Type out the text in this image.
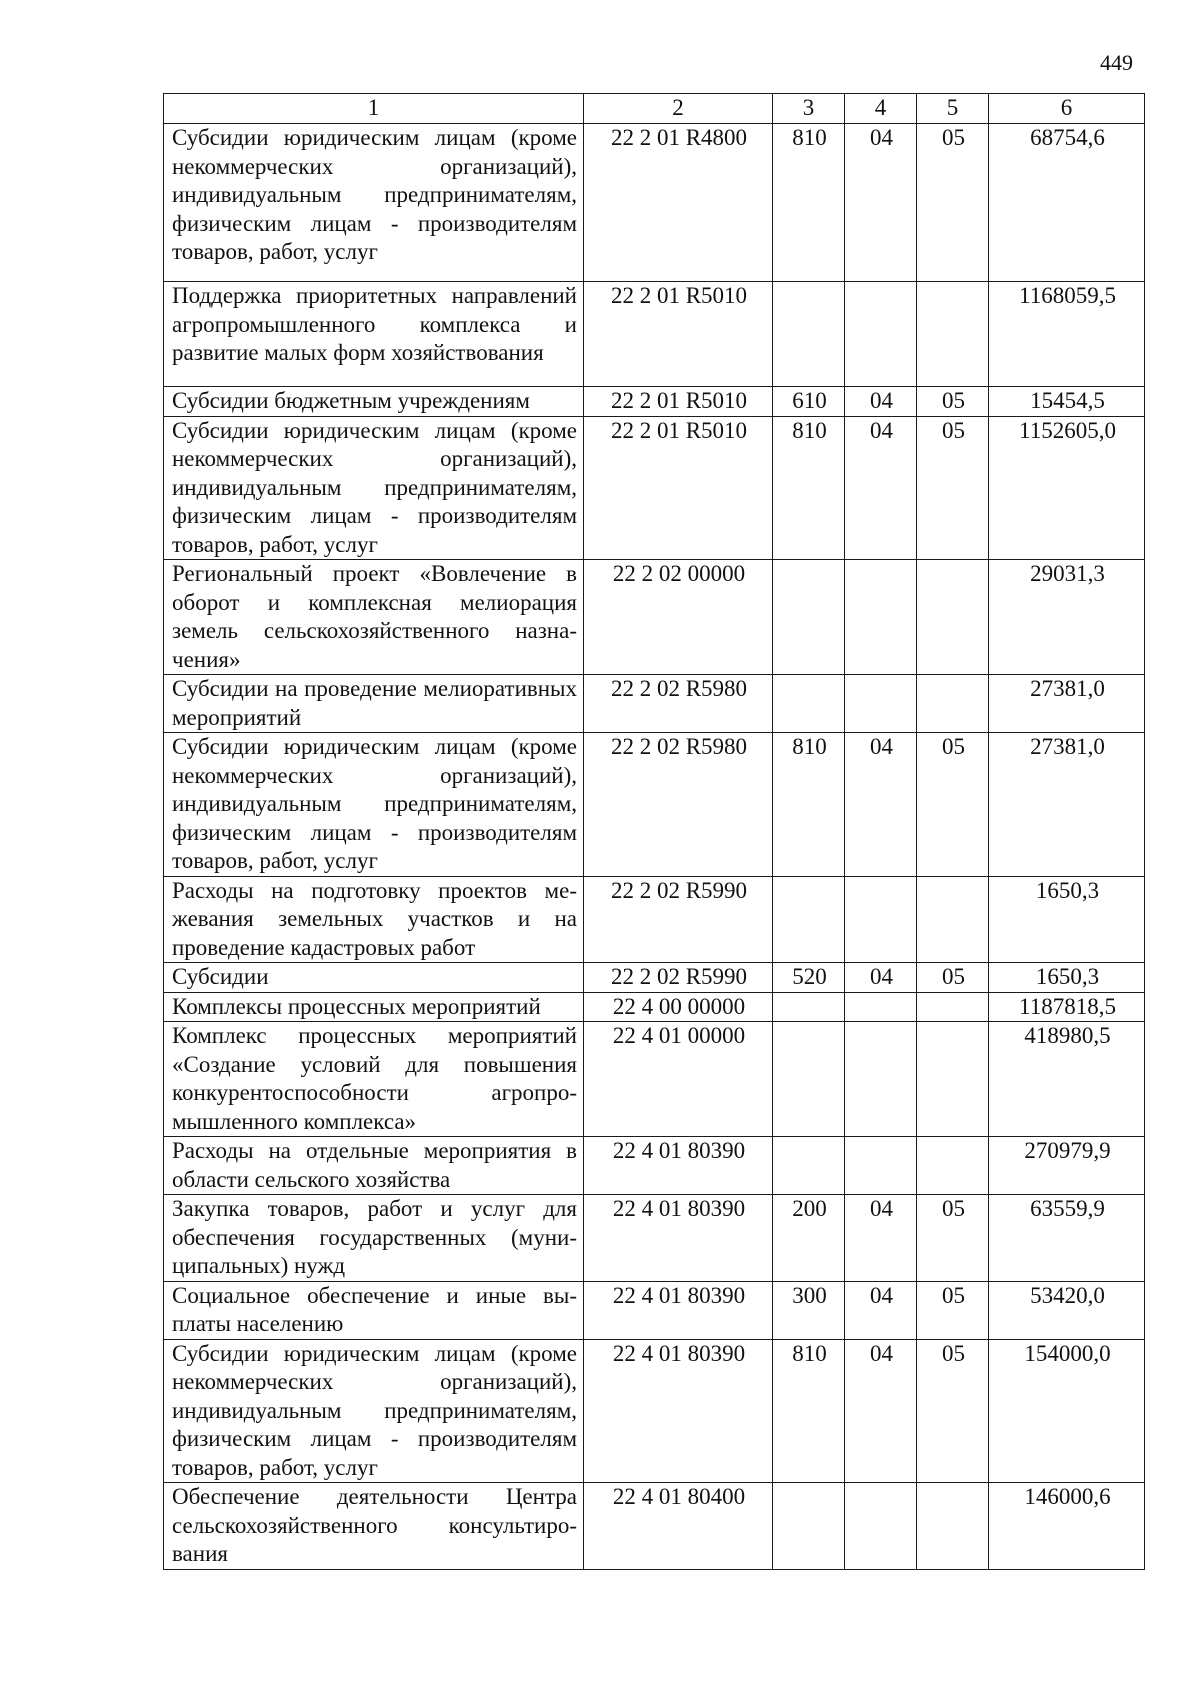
449
1	2	3	4	5	6
Субсидии юридическим лицам (кроме некоммерческих организаций), индивидуальным предпринимателям, физическим лицам - производителям товаров, работ, услуг	22 2 01 R4800	810	04	05	68754,6
Поддержка приоритетных направлений агропромышленного комплекса и развитие малых форм хозяйствования	22 2 01 R5010				1168059,5
Субсидии бюджетным учреждениям	22 2 01 R5010	610	04	05	15454,5
Субсидии юридическим лицам (кроме некоммерческих организаций), индивидуальным предпринимателям, физическим лицам - производителям товаров, работ, услуг	22 2 01 R5010	810	04	05	1152605,0
Региональный проект «Вовлечение в оборот и комплексная мелиорация земель сельскохозяйственного назначения»	22 2 02 00000				29031,3
Субсидии на проведение мелиоративных мероприятий	22 2 02 R5980				27381,0
Субсидии юридическим лицам (кроме некоммерческих организаций), индивидуальным предпринимателям, физическим лицам - производителям товаров, работ, услуг	22 2 02 R5980	810	04	05	27381,0
Расходы на подготовку проектов межевания земельных участков и на проведение кадастровых работ	22 2 02 R5990				1650,3
Субсидии	22 2 02 R5990	520	04	05	1650,3
Комплексы процессных мероприятий	22 4 00 00000				1187818,5
Комплекс процессных мероприятий «Создание условий для повышения конкурентоспособности агропромышленного комплекса»	22 4 01 00000				418980,5
Расходы на отдельные мероприятия в области сельского хозяйства	22 4 01 80390				270979,9
Закупка товаров, работ и услуг для обеспечения государственных (муниципальных) нужд	22 4 01 80390	200	04	05	63559,9
Социальное обеспечение и иные выплаты населению	22 4 01 80390	300	04	05	53420,0
Субсидии юридическим лицам (кроме некоммерческих организаций), индивидуальным предпринимателям, физическим лицам - производителям товаров, работ, услуг	22 4 01 80390	810	04	05	154000,0
Обеспечение деятельности Центра сельскохозяйственного консультирования	22 4 01 80400				146000,6
